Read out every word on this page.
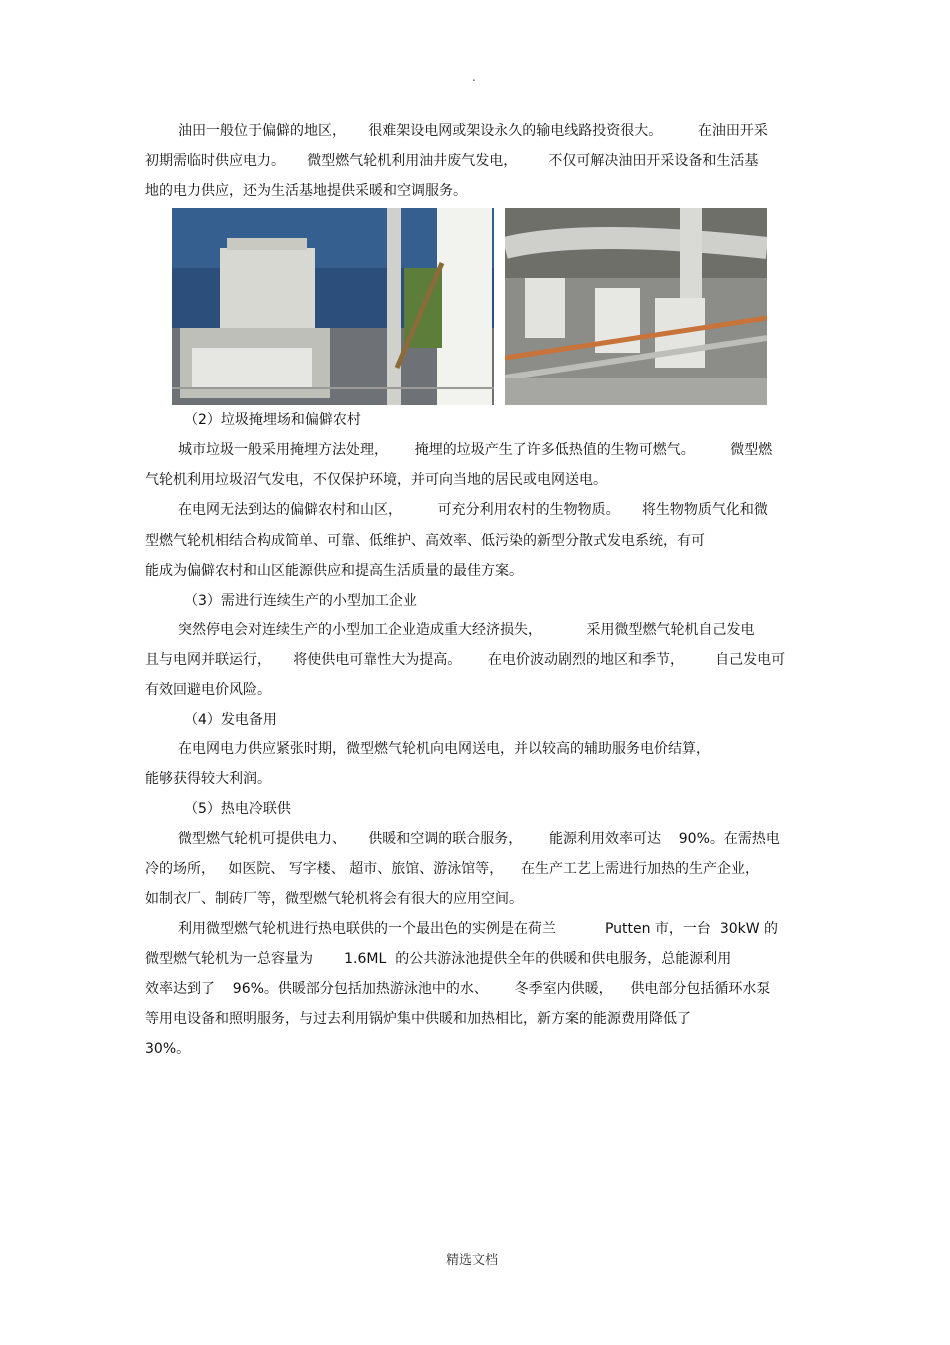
.
油田一般位于偏僻的地区，     很难架设电网或架设永久的输电线路投资很大。        在油田开采
初期需临时供应电力。     微型燃气轮机利用油井废气发电，       不仅可解决油田开采设备和生活基
地的电力供应，还为生活基地提供采暖和空调服务。
（2）垃圾掩埋场和偏僻农村
城市垃圾一般采用掩埋方法处理，      掩埋的垃圾产生了许多低热值的生物可燃气。        微型燃
气轮机利用垃圾沼气发电，不仅保护环境，并可向当地的居民或电网送电。
在电网无法到达的偏僻农村和山区，        可充分利用农村的生物物质。     将生物物质气化和微
型燃气轮机相结合构成简单、可靠、低维护、高效率、低污染的新型分散式发电系统，有可
能成为偏僻农村和山区能源供应和提高生活质量的最佳方案。
（3）需进行连续生产的小型加工企业
突然停电会对连续生产的小型加工企业造成重大经济损失，          采用微型燃气轮机自己发电
且与电网并联运行，     将使供电可靠性大为提高。      在电价波动剧烈的地区和季节，       自己发电可
有效回避电价风险。
（4）发电备用
在电网电力供应紧张时期，微型燃气轮机向电网送电，并以较高的辅助服务电价结算，
能够获得较大利润。
（5）热电冷联供
微型燃气轮机可提供电力、     供暖和空调的联合服务，      能源利用效率可达    90%。在需热电
冷的场所，   如医院、 写字楼、 超市、旅馆、游泳馆等，    在生产工艺上需进行加热的生产企业，
如制衣厂、制砖厂等，微型燃气轮机将会有很大的应用空间。
利用微型燃气轮机进行热电联供的一个最出色的实例是在荷兰           Putten 市，一台  30kW 的
微型燃气轮机为一总容量为       1.6ML  的公共游泳池提供全年的供暖和供电服务，总能源利用
效率达到了    96%。供暖部分包括加热游泳池中的水、      冬季室内供暖，    供电部分包括循环水泵
等用电设备和照明服务，与过去利用锅炉集中供暖和加热相比，新方案的能源费用降低了
30%。
精选文档
